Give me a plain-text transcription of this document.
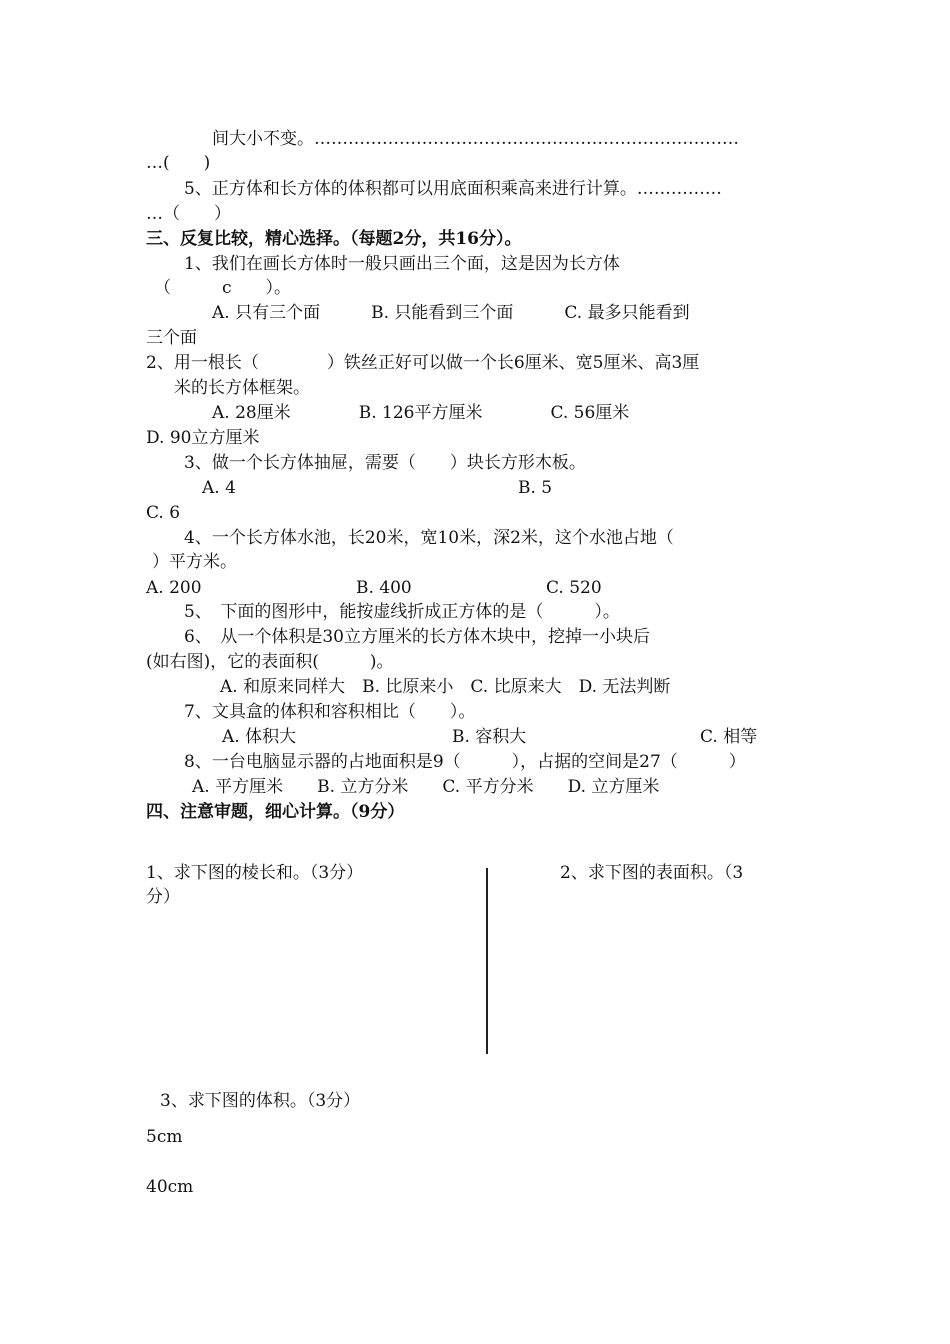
间大小不变。…………………………………………………………………
…(　　)
5、正方体和长方体的体积都可以用底面积乘高来进行计算。……………
…（　　）
三、反复比较，精心选择。（每题2分，共16分）。
1、我们在画长方体时一般只画出三个面，这是因为长方体
（　　　c　　）。
A. 只有三个面　　　B. 只能看到三个面　　　C. 最多只能看到
三个面
2、用一根长（　　　　）铁丝正好可以做一个长6厘米、宽5厘米、高3厘
米的长方体框架。
A. 28厘米　　　　B. 126平方厘米　　　　C. 56厘米
D. 90立方厘米
3、做一个长方体抽屉，需要（　　）块长方形木板。
A. 4	B. 5
C. 6
4、一个长方体水池，长20米，宽10米，深2米，这个水池占地（
）平方米。
A. 200	B. 400	C. 520
5、　下面的图形中，能按虚线折成正方体的是（　　　）。
6、　从一个体积是30立方厘米的长方体木块中，挖掉一小块后
(如右图)，它的表面积(　　　)。
A. 和原来同样大　B. 比原来小　C. 比原来大　D. 无法判断
7、文具盒的体积和容积相比（　　）。
A. 体积大	B. 容积大	C. 相等
8、一台电脑显示器的占地面积是9（　　　），占据的空间是27（　　　）
A. 平方厘米　　B. 立方分米　　C. 平方分米　　D. 立方厘米
四、注意审题，细心计算。（9分）
1、求下图的棱长和。（3分）
分）
2、求下图的表面积。（3
3、求下图的体积。（3分）
5cm
40cm
